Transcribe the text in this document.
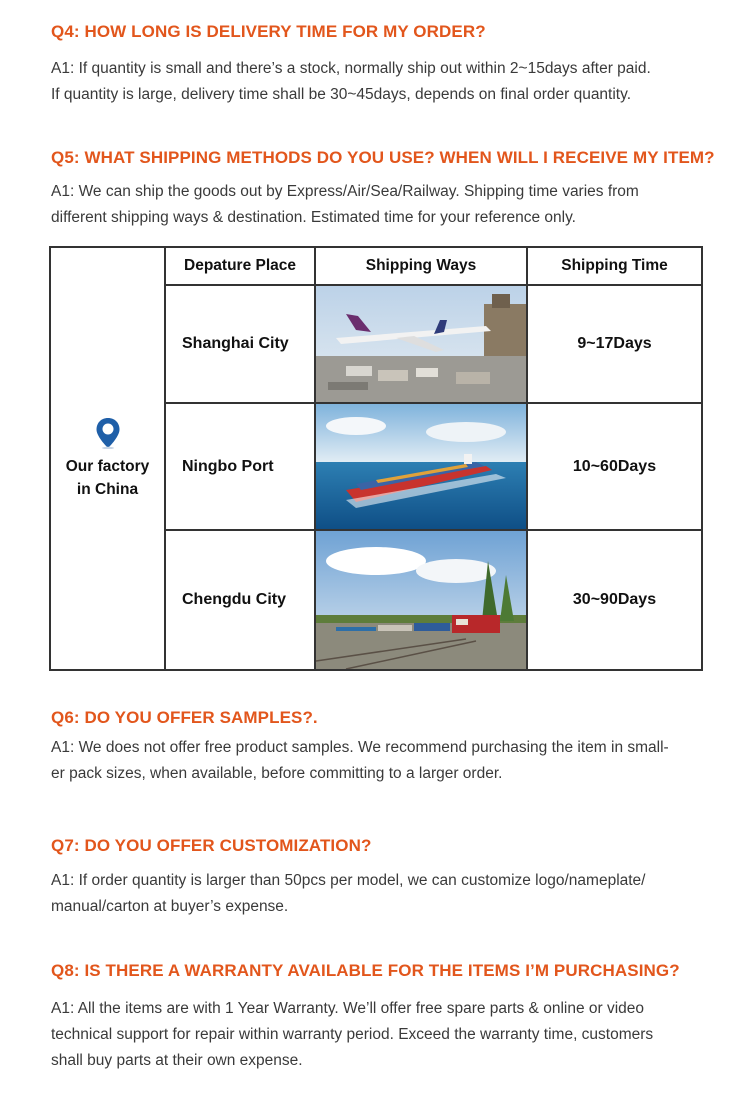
Q4: HOW LONG IS DELIVERY TIME FOR MY ORDER?
A1: If quantity is small and there’s a stock, normally ship out within 2~15days after paid.
If quantity is large, delivery time shall be 30~45days, depends on final order quantity.
Q5: WHAT SHIPPING METHODS DO YOU USE? WHEN WILL I RECEIVE MY ITEM?
A1: We can ship the goods out by Express/Air/Sea/Railway. Shipping time varies from
different shipping ways & destination. Estimated time for your reference only.
Our factory
in China	Depature Place	Shipping Ways	Shipping Time
	Shanghai City		9~17Days
	Ningbo Port		10~60Days
	Chengdu City		30~90Days
Q6: DO YOU OFFER SAMPLES?.
A1: We does not offer free product samples. We recommend purchasing the item in small-
er pack sizes, when available, before committing to a larger order.
Q7: DO YOU OFFER CUSTOMIZATION?
A1: If order quantity is larger than 50pcs per model, we can customize logo/nameplate/
manual/carton at buyer’s expense.
Q8: IS THERE A WARRANTY AVAILABLE FOR THE ITEMS I’M PURCHASING?
A1: All the items are with 1 Year Warranty. We’ll offer free spare parts & online or video
technical support for repair within warranty period. Exceed the warranty time, customers
shall buy parts at their own expense.
